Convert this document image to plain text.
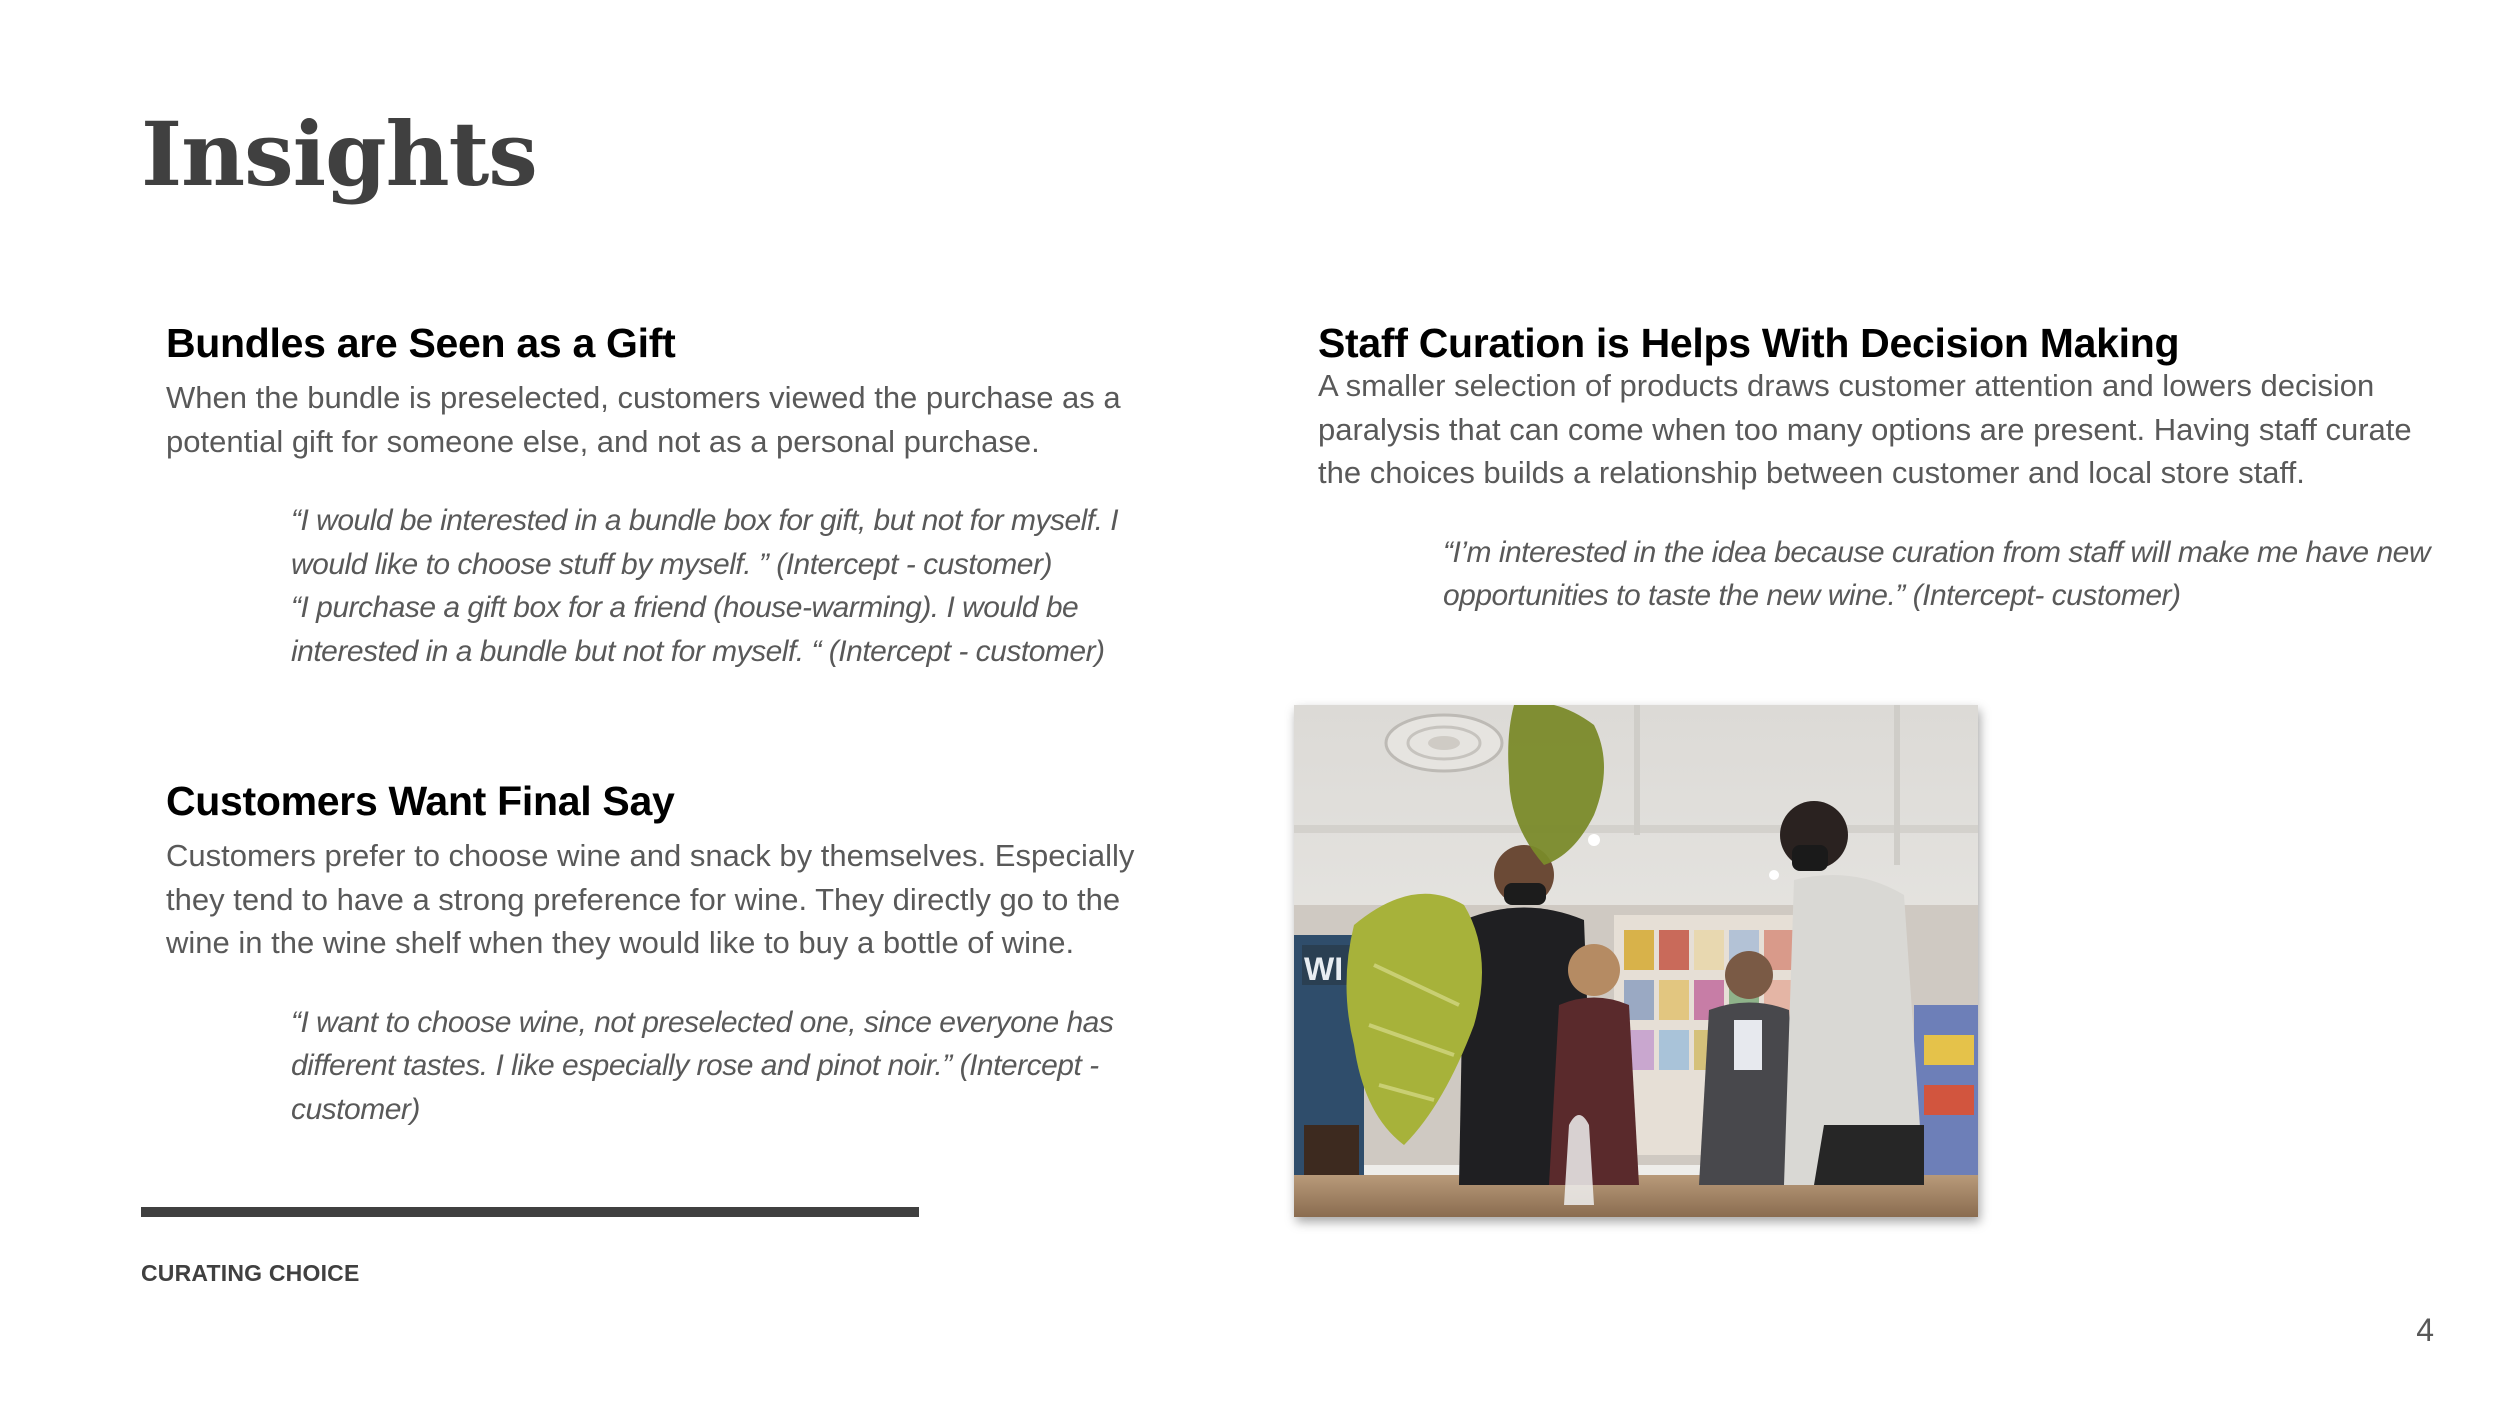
Insights
Bundles are Seen as a Gift

When the bundle is preselected, customers viewed the purchase as a potential gift for someone else, and not as a personal purchase.

“I would be interested in a bundle box for gift, but not for myself. I would like to choose stuff by myself. ” (Intercept - customer)
“I purchase a gift box for a friend (house-warming). I would be interested in a bundle but not for myself. “ (Intercept - customer)

Customers Want Final Say

Customers prefer to choose wine and snack by themselves. Especially they tend to have a strong preference for wine. They directly go to the wine in the wine shelf when they would like to buy a bottle of wine.

“I want to choose wine, not preselected one, since everyone has different tastes. I like especially rose and pinot noir.” (Intercept - customer)

Staff Curation is Helps With Decision Making

A smaller selection of products draws customer attention and lowers decision paralysis that can come when too many options are present. Having staff curate the choices builds a relationship between customer and local store staff.

“I’m interested in the idea because curation from staff will make me have new opportunities to taste the new wine.” (Intercept- customer)

WI

CURATING CHOICE

4
